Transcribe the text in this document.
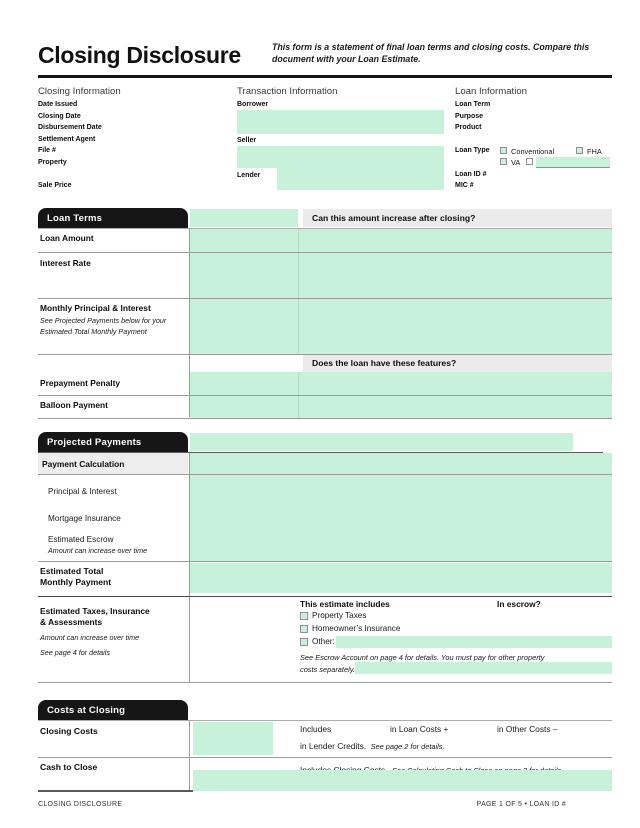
Closing Disclosure	This form is a statement of final loan terms and closing costs. Compare this document with your Loan Estimate.
Closing Information	Transaction Information	Loan Information
Date Issued
Closing Date
Disbursement Date
Settlement Agent
File #
Property
Sale Price
Borrower
Seller
Lender
Loan Term
Purpose
Product
Loan Type	Conventional	FHA
VA
Loan ID #
MIC #
Loan Terms	Can this amount increase after closing?
Does the loan have these features?
Loan Amount
Interest Rate
Monthly Principal & Interest
See Projected Payments below for your Estimated Total Monthly Payment
Prepayment Penalty
Balloon Payment
Projected Payments
Payment Calculation
Principal & Interest
Mortgage Insurance
Estimated Escrow
Amount can increase over time
Estimated Total
Monthly Payment
Estimated Taxes, Insurance
& Assessments
Amount can increase over time
See page 4 for details
This estimate includes	In escrow?
Property Taxes
Homeowner’s Insurance
Other:
See Escrow Account on page 4 for details. You must pay for other property
costs separately.
Costs at Closing
Closing Costs	Includes	in Loan Costs +	in Other Costs –
in Lender Credits. See page 2 for details.
Cash to Close
CLOSING DISCLOSURE	PAGE 1 OF 5 • LOAN ID #
